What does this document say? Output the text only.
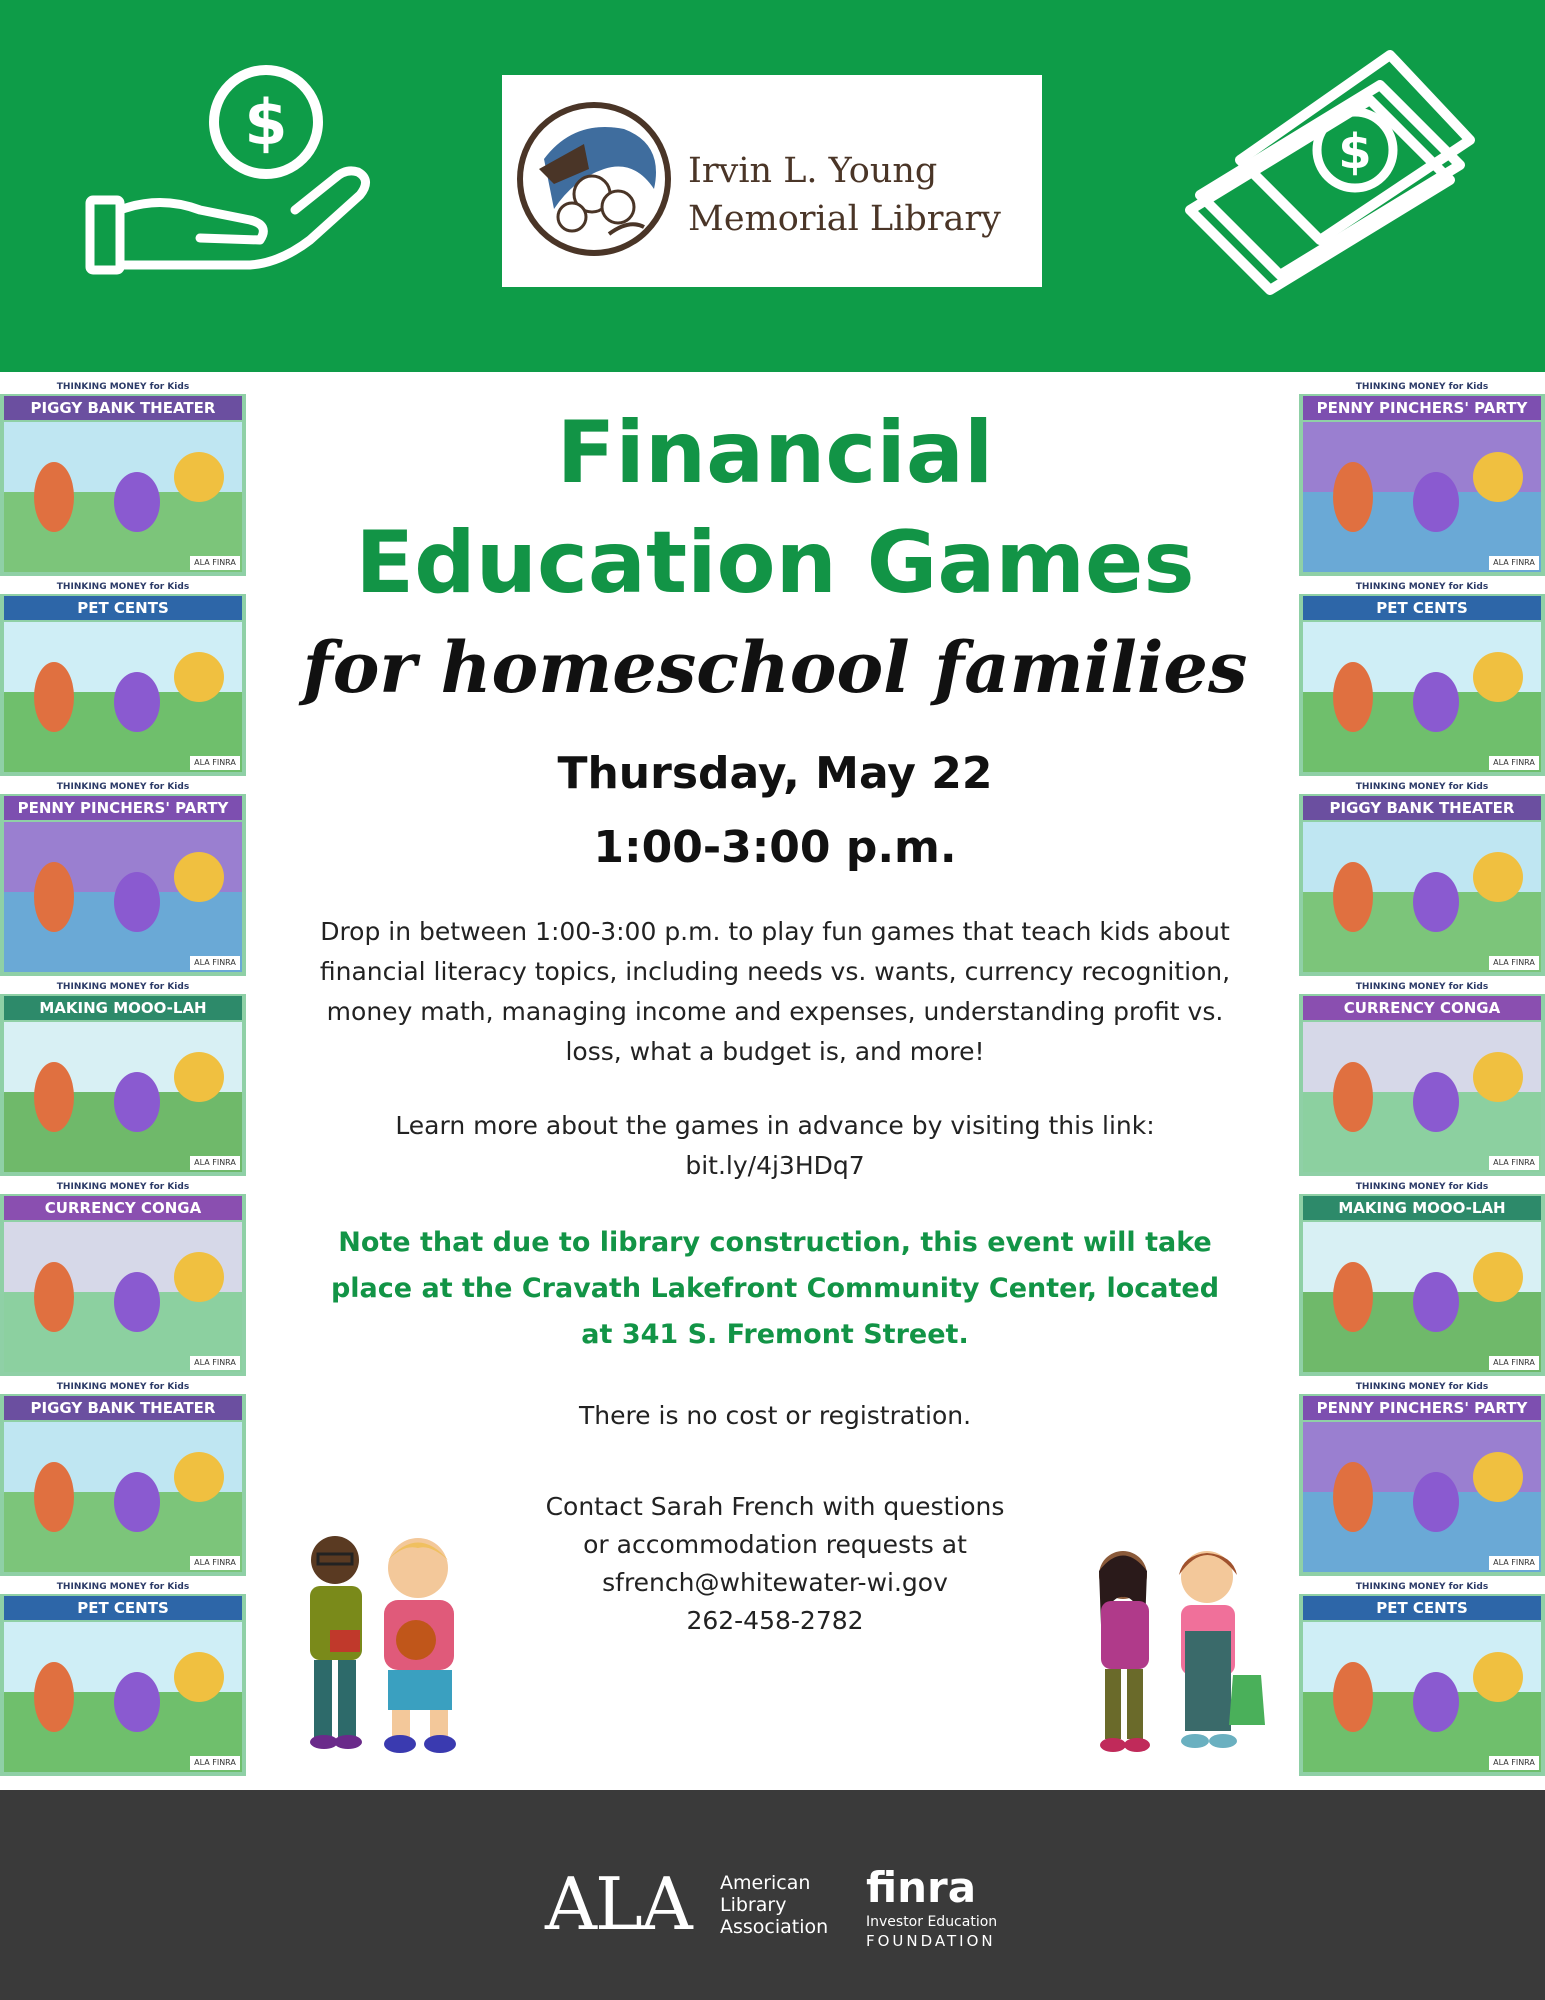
$
Irvin L. Young
Memorial Library
$
THINKING MONEY for Kids
PIGGY BANK THEATER
ALA FINRA
THINKING MONEY for Kids
PET CENTS
ALA FINRA
THINKING MONEY for Kids
PENNY PINCHERS' PARTY
ALA FINRA
THINKING MONEY for Kids
MAKING MOOO-LAH
ALA FINRA
THINKING MONEY for Kids
CURRENCY CONGA
ALA FINRA
THINKING MONEY for Kids
PIGGY BANK THEATER
ALA FINRA
THINKING MONEY for Kids
PET CENTS
ALA FINRA
THINKING MONEY for Kids
PENNY PINCHERS' PARTY
ALA FINRA
THINKING MONEY for Kids
PET CENTS
ALA FINRA
THINKING MONEY for Kids
PIGGY BANK THEATER
ALA FINRA
THINKING MONEY for Kids
CURRENCY CONGA
ALA FINRA
THINKING MONEY for Kids
MAKING MOOO-LAH
ALA FINRA
THINKING MONEY for Kids
PENNY PINCHERS' PARTY
ALA FINRA
THINKING MONEY for Kids
PET CENTS
ALA FINRA
Financial
Education Games
for homeschool families
Thursday, May 22
1:00-3:00 p.m.
Drop in between 1:00-3:00 p.m. to play fun games that teach kids about financial literacy topics, including needs vs. wants, currency recognition, money math, managing income and expenses, understanding profit vs. loss, what a budget is, and more!
Learn more about the games in advance by visiting this link:
bit.ly/4j3HDq7
Note that due to library construction, this event will take place at the Cravath Lakefront Community Center, located at 341 S. Fremont Street.
There is no cost or registration.
Contact Sarah French with questions
or accommodation requests at
sfrench@whitewater-wi.gov
262-458-2782
ALA American
Library
Association
finra
Investor Education
FOUNDATION
